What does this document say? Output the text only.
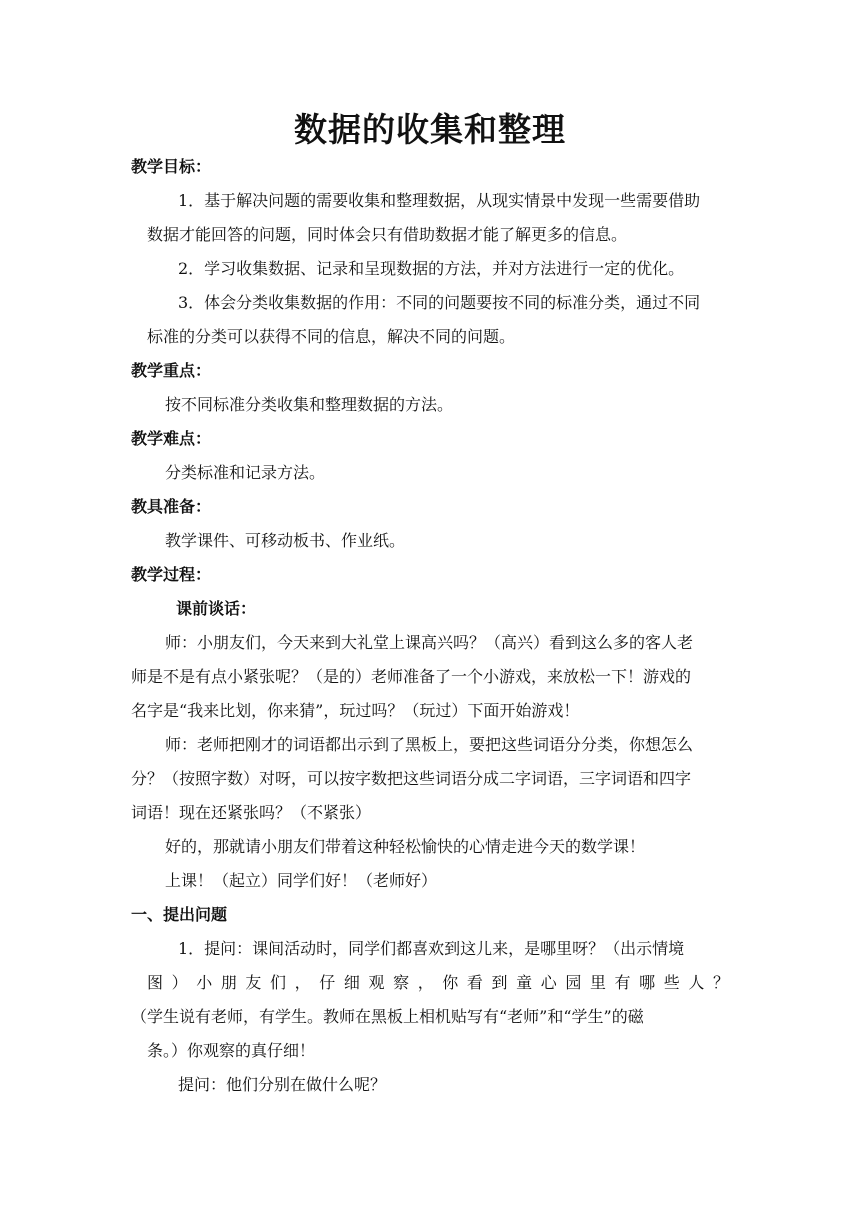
数据的收集和整理

教学目标：

1．基于解决问题的需要收集和整理数据，从现实情景中发现一些需要借助

数据才能回答的问题，同时体会只有借助数据才能了解更多的信息。

2．学习收集数据、记录和呈现数据的方法，并对方法进行一定的优化。

3．体会分类收集数据的作用：不同的问题要按不同的标准分类，通过不同

标准的分类可以获得不同的信息，解决不同的问题。

教学重点：

按不同标准分类收集和整理数据的方法。

教学难点：

分类标准和记录方法。

教具准备：

教学课件、可移动板书、作业纸。

教学过程：

课前谈话：

师：小朋友们，今天来到大礼堂上课高兴吗？（高兴）看到这么多的客人老

师是不是有点小紧张呢？（是的）老师准备了一个小游戏，来放松一下！游戏的

名字是“我来比划，你来猜”，玩过吗？（玩过）下面开始游戏！

师：老师把刚才的词语都出示到了黑板上，要把这些词语分分类，你想怎么

分？（按照字数）对呀，可以按字数把这些词语分成二字词语，三字词语和四字

词语！现在还紧张吗？（不紧张）

好的，那就请小朋友们带着这种轻松愉快的心情走进今天的数学课！

上课！（起立）同学们好！（老师好）

一、提出问题

1．提问：课间活动时，同学们都喜欢到这儿来，是哪里呀？（出示情境

图）小朋友们，仔细观察，你看到童心园里有哪些人？

（学生说有老师，有学生。教师在黑板上相机贴写有“老师”和“学生”的磁

条。）你观察的真仔细！

提问：他们分别在做什么呢？
